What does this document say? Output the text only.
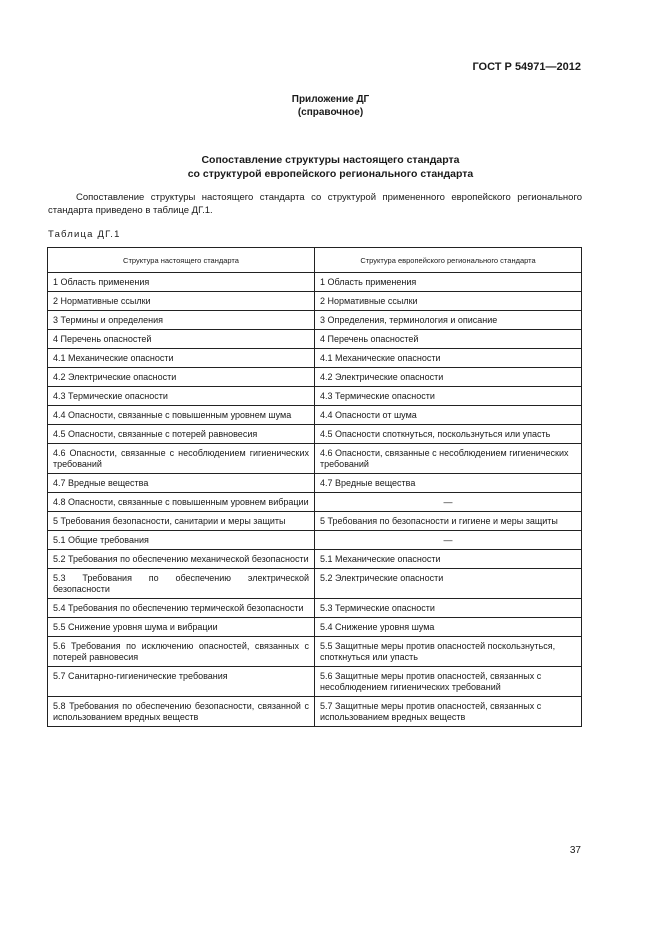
ГОСТ Р 54971—2012
Приложение ДГ
(справочное)
Сопоставление структуры настоящего стандарта
со структурой европейского регионального стандарта

Сопоставление структуры настоящего стандарта со структурой примененного европейского регионального стандарта приведено в таблице ДГ.1.

Таблица ДГ.1
Структура настоящего стандарта	Структура европейского регионального стандарта
1 Область применения	1 Область применения
2 Нормативные ссылки	2 Нормативные ссылки
3 Термины и определения	3 Определения, терминология и описание
4 Перечень опасностей	4 Перечень опасностей
4.1 Механические опасности	4.1 Механические опасности
4.2 Электрические опасности	4.2 Электрические опасности
4.3 Термические опасности	4.3 Термические опасности
4.4 Опасности, связанные с повышенным уровнем шума	4.4 Опасности от шума
4.5 Опасности, связанные с потерей равновесия	4.5 Опасности споткнуться, поскользнуться или упасть
4.6 Опасности, связанные с несоблюдением гигиенических требований	4.6 Опасности, связанные с несоблюдением гигиенических требований
4.7 Вредные вещества	4.7 Вредные вещества
4.8 Опасности, связанные с повышенным уровнем вибрации	—
5 Требования безопасности, санитарии и меры защиты	5 Требования по безопасности и гигиене и меры защиты
5.1 Общие требования	—
5.2 Требования по обеспечению механической безопасности	5.1 Механические опасности
5.3 Требования по обеспечению электрической безопасности	5.2 Электрические опасности
5.4 Требования по обеспечению термической безопасности	5.3 Термические опасности
5.5 Снижение уровня шума и вибрации	5.4 Снижение уровня шума
5.6 Требования по исключению опасностей, связанных с потерей равновесия	5.5 Защитные меры против опасностей поскользнуться, споткнуться или упасть
5.7 Санитарно-гигиенические требования	5.6 Защитные меры против опасностей, связанных с несоблюдением гигиенических требований
5.8 Требования по обеспечению безопасности, связанной с использованием вредных веществ	5.7 Защитные меры против опасностей, связанных с использованием вредных веществ
37
